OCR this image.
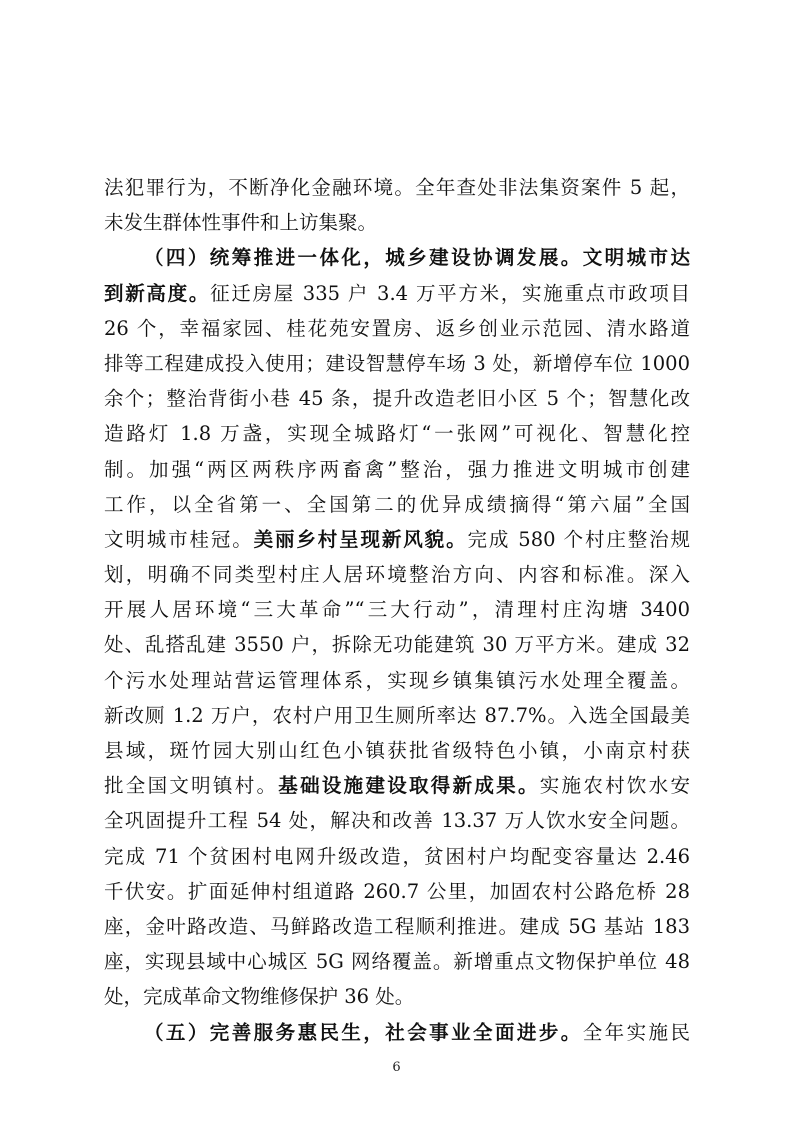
法犯罪行为，不断净化金融环境。全年查处非法集资案件 5 起，
未发生群体性事件和上访集聚。
（四）统筹推进一体化，城乡建设协调发展。文明城市达
到新高度。征迁房屋 335 户 3.4 万平方米，实施重点市政项目
26 个，幸福家园、桂花苑安置房、返乡创业示范园、清水路道
排等工程建成投入使用；建设智慧停车场 3 处，新增停车位 1000
余个；整治背街小巷 45 条，提升改造老旧小区 5 个；智慧化改
造路灯 1.8 万盏，实现全城路灯“一张网”可视化、智慧化控
制。加强“两区两秩序两畜禽”整治，强力推进文明城市创建
工作，以全省第一、全国第二的优异成绩摘得“第六届”全国
文明城市桂冠。美丽乡村呈现新风貌。完成 580 个村庄整治规
划，明确不同类型村庄人居环境整治方向、内容和标准。深入
开展人居环境“三大革命”“三大行动”，清理村庄沟塘 3400
处、乱搭乱建 3550 户，拆除无功能建筑 30 万平方米。建成 32
个污水处理站营运管理体系，实现乡镇集镇污水处理全覆盖。
新改厕 1.2 万户，农村户用卫生厕所率达 87.7%。入选全国最美
县域，斑竹园大别山红色小镇获批省级特色小镇，小南京村获
批全国文明镇村。基础设施建设取得新成果。实施农村饮水安
全巩固提升工程 54 处，解决和改善 13.37 万人饮水安全问题。
完成 71 个贫困村电网升级改造，贫困村户均配变容量达 2.46
千伏安。扩面延伸村组道路 260.7 公里，加固农村公路危桥 28
座，金叶路改造、马鲜路改造工程顺利推进。建成 5G 基站 183
座，实现县域中心城区 5G 网络覆盖。新增重点文物保护单位 48
处，完成革命文物维修保护 36 处。
（五）完善服务惠民生，社会事业全面进步。全年实施民
6
